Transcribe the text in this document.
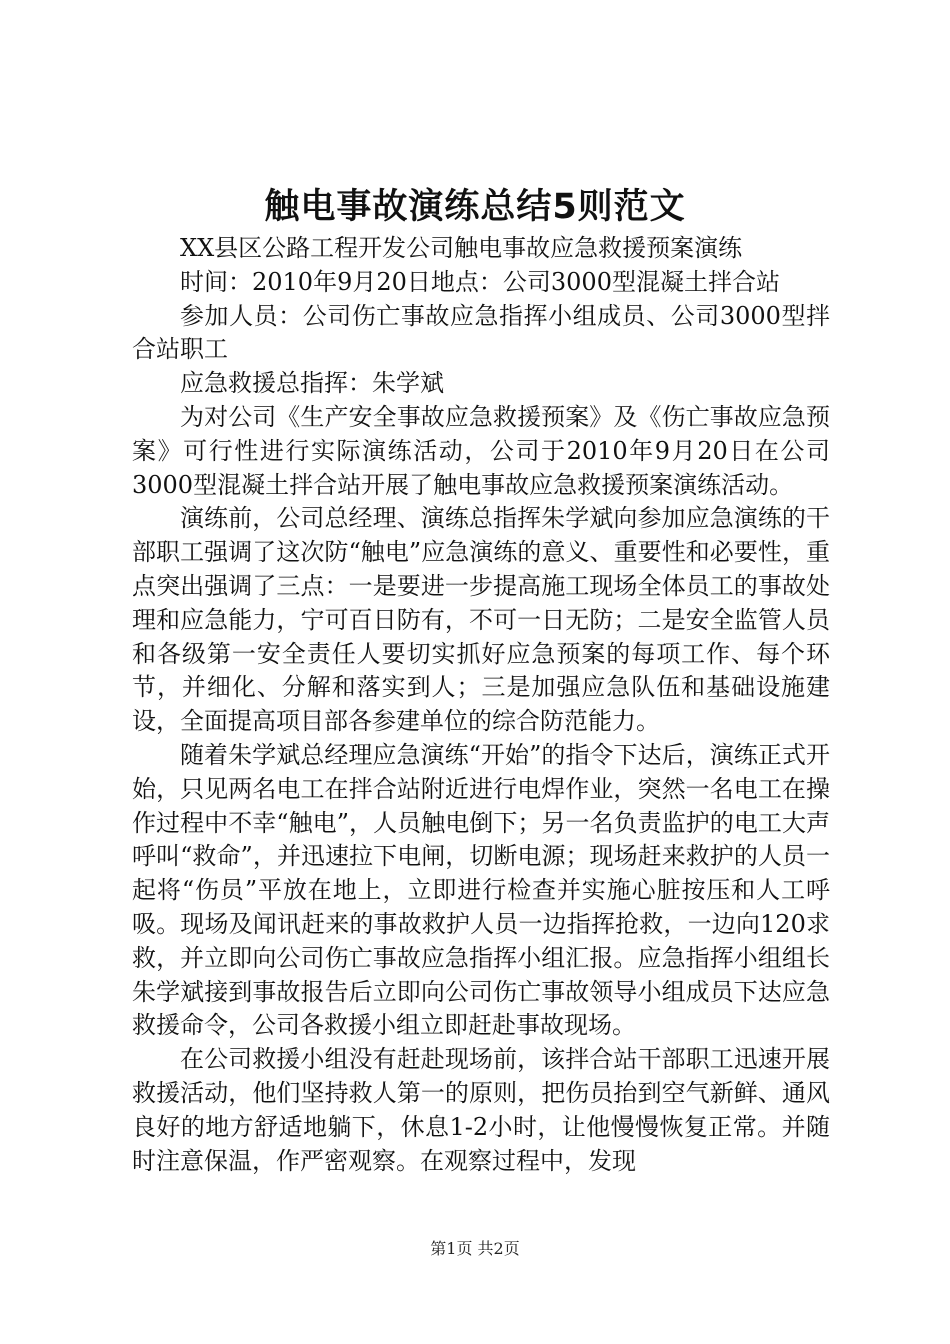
触电事故演练总结5则范文

XX县区公路工程开发公司触电事故应急救援预案演练

时间：2010年9月20日地点：公司3000型混凝土拌合站

参加人员：公司伤亡事故应急指挥小组成员、公司3000型拌合站职工

应急救援总指挥：朱学斌

为对公司《生产安全事故应急救援预案》及《伤亡事故应急预案》可行性进行实际演练活动，公司于2010年9月20日在公司3000型混凝土拌合站开展了触电事故应急救援预案演练活动。

演练前，公司总经理、演练总指挥朱学斌向参加应急演练的干部职工强调了这次防“触电”应急演练的意义、重要性和必要性，重点突出强调了三点：一是要进一步提高施工现场全体员工的事故处理和应急能力，宁可百日防有，不可一日无防；二是安全监管人员和各级第一安全责任人要切实抓好应急预案的每项工作、每个环节，并细化、分解和落实到人；三是加强应急队伍和基础设施建设，全面提高项目部各参建单位的综合防范能力。

随着朱学斌总经理应急演练“开始”的指令下达后，演练正式开始，只见两名电工在拌合站附近进行电焊作业，突然一名电工在操作过程中不幸“触电”，人员触电倒下；另一名负责监护的电工大声呼叫“救命”，并迅速拉下电闸，切断电源；现场赶来救护的人员一起将“伤员”平放在地上，立即进行检查并实施心脏按压和人工呼吸。现场及闻讯赶来的事故救护人员一边指挥抢救，一边向120求救，并立即向公司伤亡事故应急指挥小组汇报。应急指挥小组组长朱学斌接到事故报告后立即向公司伤亡事故领导小组成员下达应急救援命令，公司各救援小组立即赶赴事故现场。

在公司救援小组没有赶赴现场前，该拌合站干部职工迅速开展救援活动，他们坚持救人第一的原则，把伤员抬到空气新鲜、通风良好的地方舒适地躺下，休息1-2小时，让他慢慢恢复正常。并随时注意保温，作严密观察。在观察过程中，发现

第1页 共2页
